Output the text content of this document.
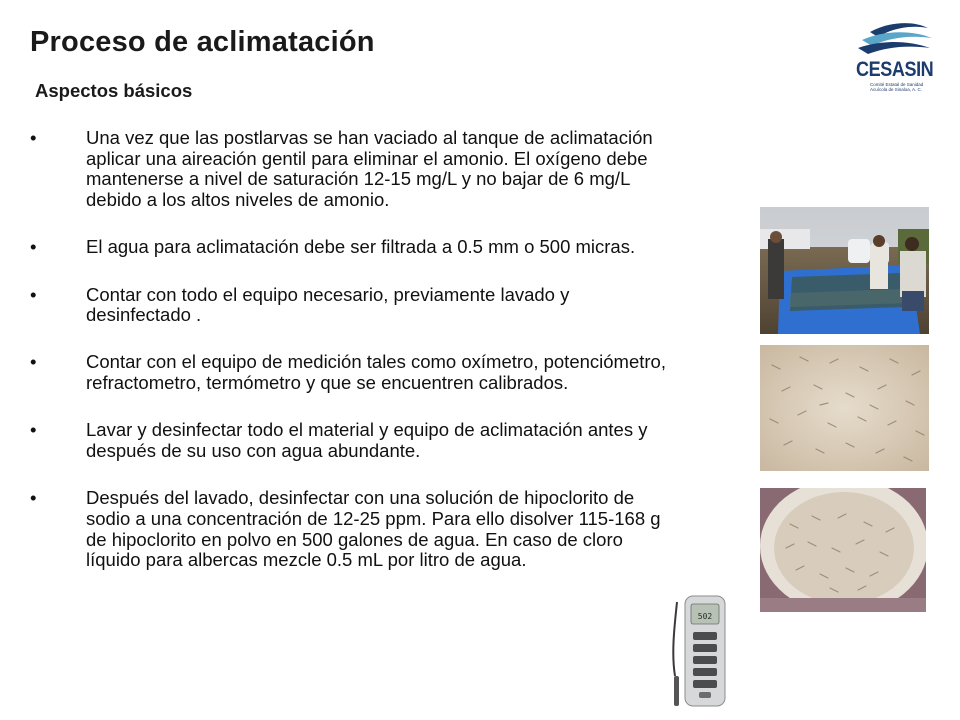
Proceso de aclimatación
Aspectos básicos
CESASIN
Comité Estatal de Sanidad Acuícola de Sinaloa, A. C.
•	Una vez que las postlarvas se han vaciado al tanque de aclimatación aplicar una aireación gentil para eliminar el amonio. El oxígeno debe mantenerse a nivel de saturación 12-15 mg/L y no bajar de 6 mg/L debido a los altos niveles de amonio.
•	El agua para aclimatación debe ser filtrada a 0.5 mm o 500 micras.
•	Contar con todo el equipo necesario, previamente lavado y desinfectado .
•	Contar con el equipo de medición tales como oxímetro, potenciómetro, refractometro, termómetro y que se encuentren calibrados.
•	Lavar y desinfectar todo el material y equipo de aclimatación antes y después de su uso con agua abundante.
•	Después del lavado, desinfectar con una solución de hipoclorito de sodio a una concentración de 12-25 ppm. Para ello disolver 115-168 g de hipoclorito en polvo en 500 galones de agua. En caso de cloro líquido para albercas mezcle 0.5 mL por litro de agua.
502
